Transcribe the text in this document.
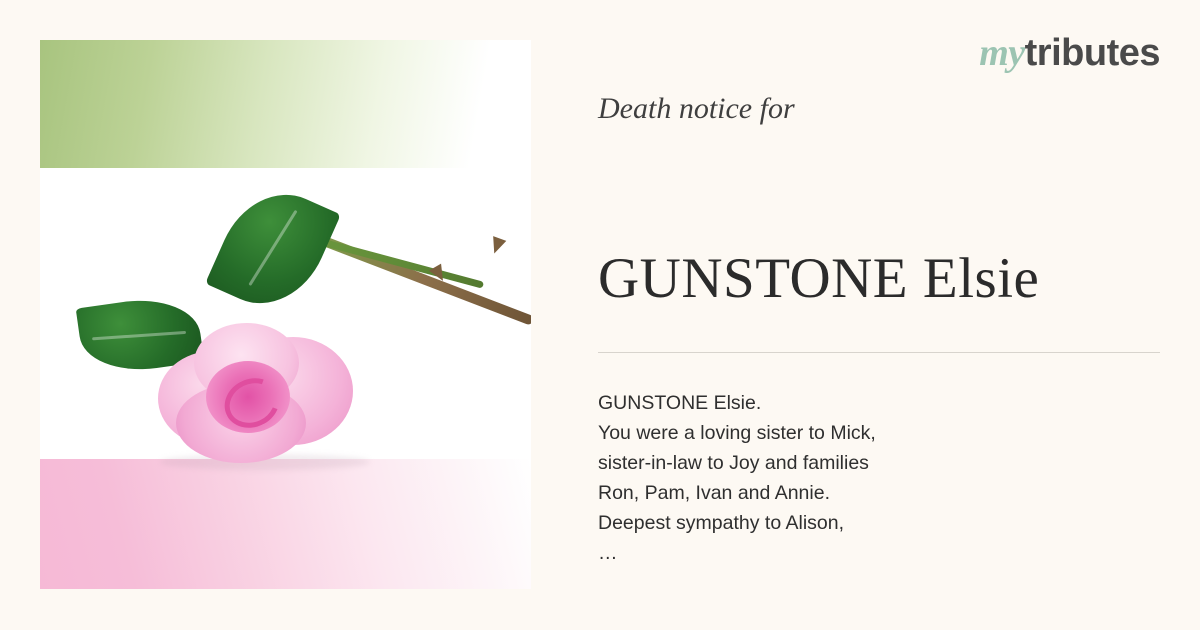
mytributes
Death notice for
GUNSTONE Elsie

GUNSTONE Elsie.

You were a loving sister to Mick,

sister-in-law to Joy and families

Ron, Pam, Ivan and Annie.

Deepest sympathy to Alison,

…
